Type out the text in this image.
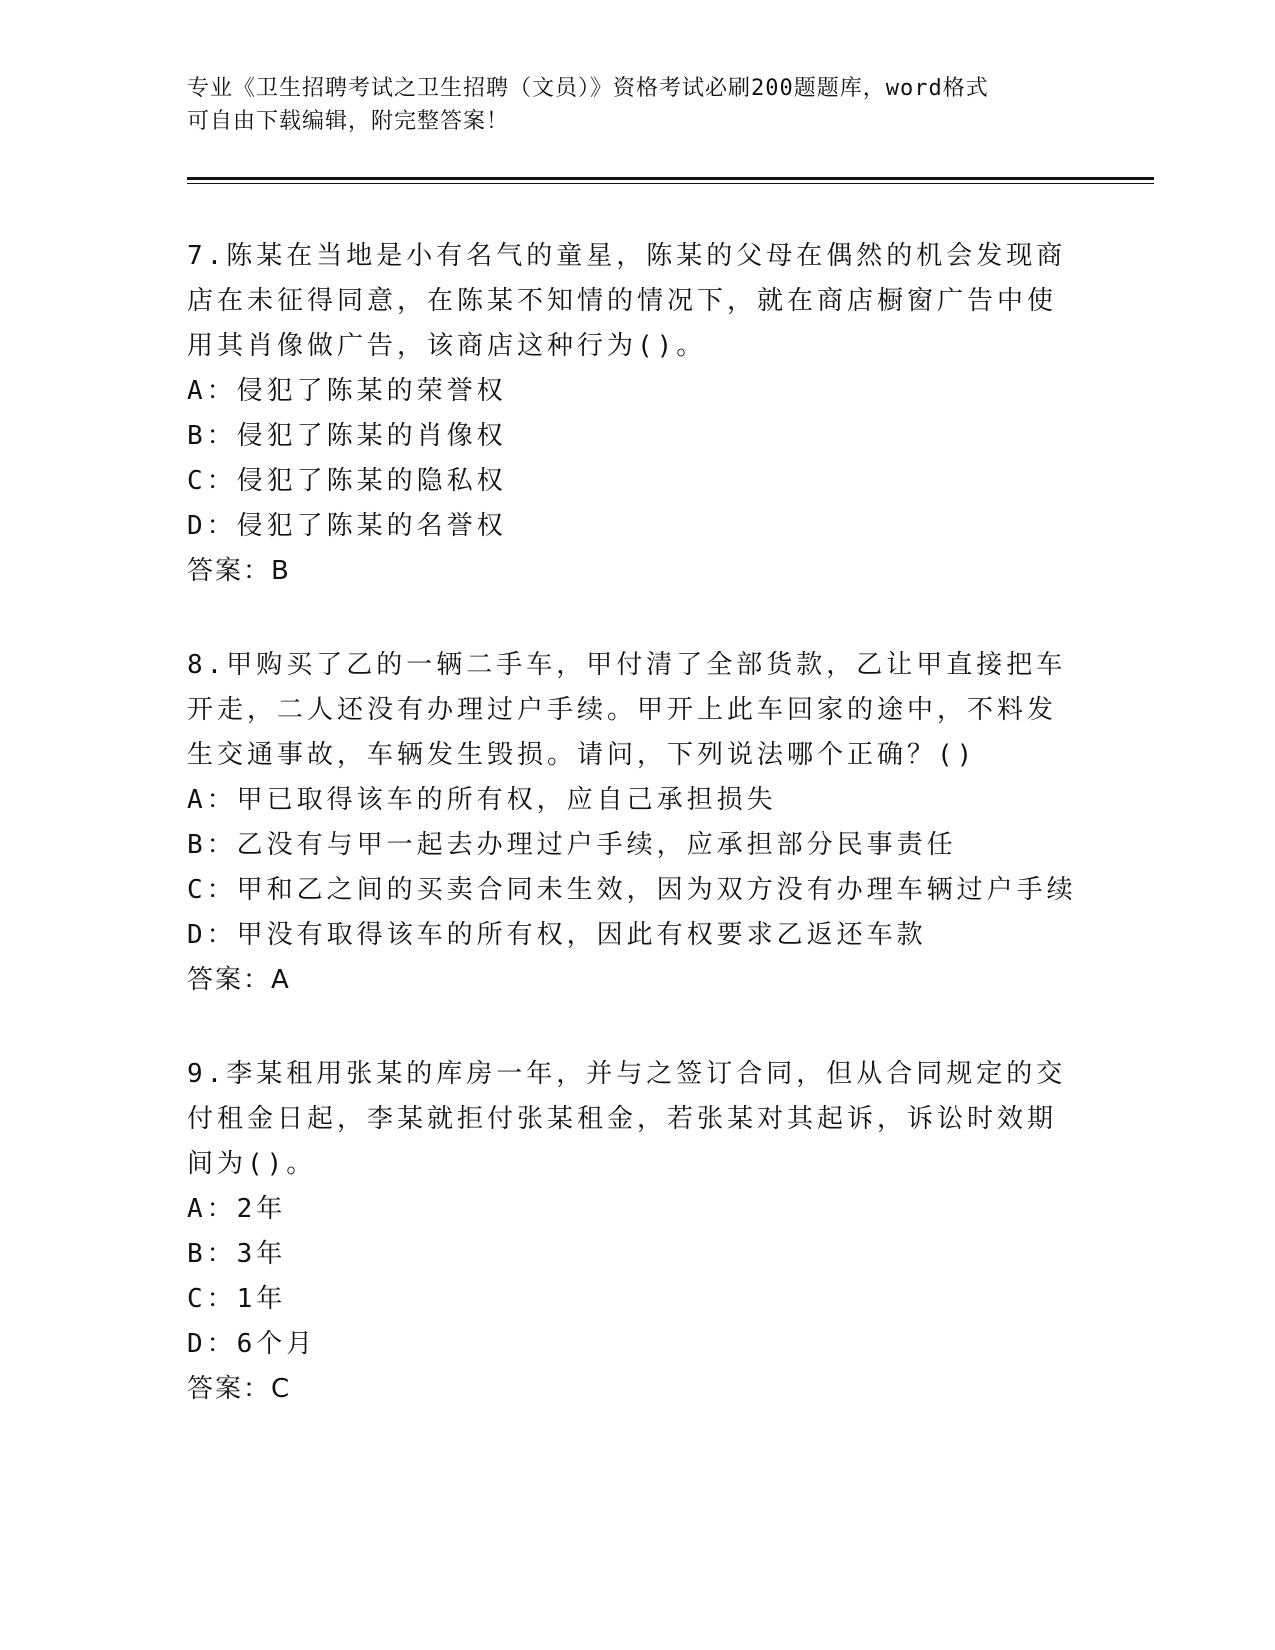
专业《卫生招聘考试之卫生招聘（文员）》资格考试必刷200题题库，word格式
可自由下载编辑，附完整答案！
7.陈某在当地是小有名气的童星，陈某的父母在偶然的机会发现商店在未征得同意，在陈某不知情的情况下，就在商店橱窗广告中使用其肖像做广告，该商店这种行为()。
A：侵犯了陈某的荣誉权
B：侵犯了陈某的肖像权
C：侵犯了陈某的隐私权
D：侵犯了陈某的名誉权
答案：B
8.甲购买了乙的一辆二手车，甲付清了全部货款，乙让甲直接把车开走，二人还没有办理过户手续。甲开上此车回家的途中，不料发生交通事故，车辆发生毁损。请问，下列说法哪个正确？()
A：甲已取得该车的所有权，应自己承担损失
B：乙没有与甲一起去办理过户手续，应承担部分民事责任
C：甲和乙之间的买卖合同未生效，因为双方没有办理车辆过户手续
D：甲没有取得该车的所有权，因此有权要求乙返还车款
答案：A
9.李某租用张某的库房一年，并与之签订合同，但从合同规定的交付租金日起，李某就拒付张某租金，若张某对其起诉，诉讼时效期间为()。
A：2年
B：3年
C：1年
D：6个月
答案：C
